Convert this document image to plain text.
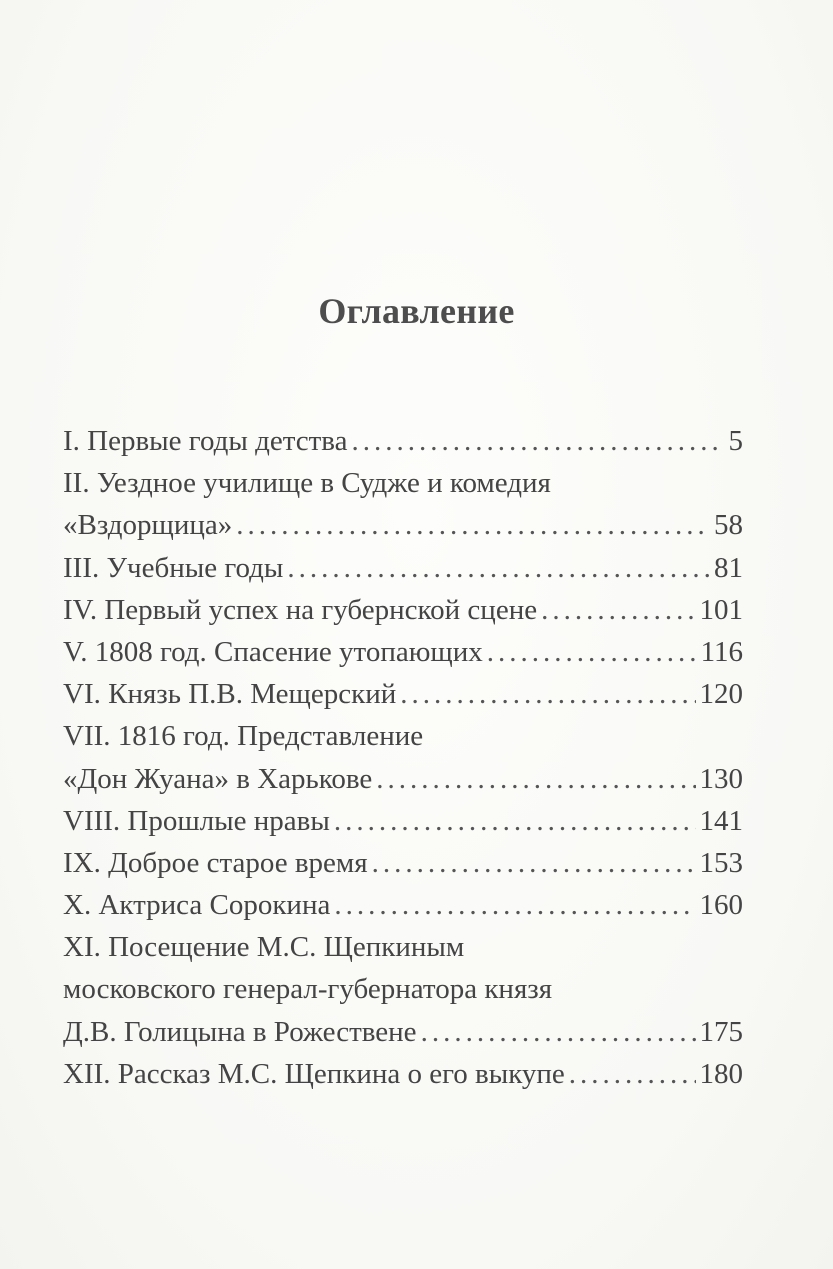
Оглавление
I. Первые годы детства .....	5
II. Уездное училище в Судже и комедия
«Вздорщица» .....	58
III. Учебные годы .....	81
IV. Первый успех на губернской сцене .....	101
V. 1808 год. Спасение утопающих .....	116
VI. Князь П.В. Мещерский .....	120
VII. 1816 год. Представление
«Дон Жуана» в Харькове .....	130
VIII. Прошлые нравы .....	141
IX. Доброе старое время .....	153
X. Актриса Сорокина .....	160
XI. Посещение М.С. Щепкиным
московского генерал-губернатора князя
Д.В. Голицына в Рожествене .....	175
XII. Рассказ М.С. Щепкина о его выкупе .....	180
